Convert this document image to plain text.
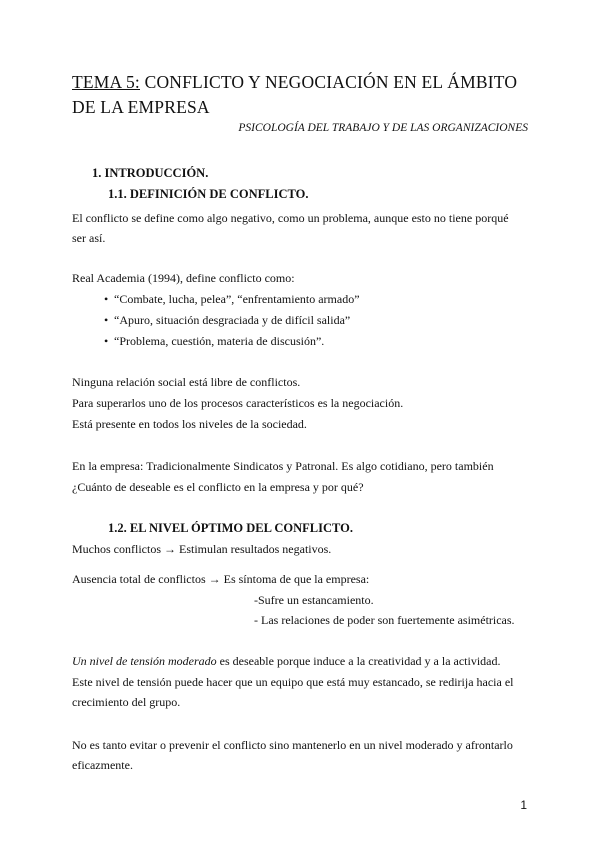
TEMA 5: CONFLICTO Y NEGOCIACIÓN EN EL ÁMBITO DE LA EMPRESA
PSICOLOGÍA DEL TRABAJO Y DE LAS ORGANIZACIONES
1. INTRODUCCIÓN.
1.1. DEFINICIÓN DE CONFLICTO.
El conflicto se define como algo negativo, como un problema, aunque esto no tiene porqué
ser así.
Real Academia (1994), define conflicto como:
• “Combate, lucha, pelea”, “enfrentamiento armado”
• “Apuro, situación desgraciada y de difícil salida”
• “Problema, cuestión, materia de discusión”.
Ninguna relación social está libre de conflictos.
Para superarlos uno de los procesos característicos es la negociación.
Está presente en todos los niveles de la sociedad.
En la empresa: Tradicionalmente Sindicatos y Patronal. Es algo cotidiano, pero también
¿Cuánto de deseable es el conflicto en la empresa y por qué?
1.2. EL NIVEL ÓPTIMO DEL CONFLICTO.
Muchos conflictos → Estimulan resultados negativos.
Ausencia total de conflictos → Es síntoma de que la empresa:
-Sufre un estancamiento.
- Las relaciones de poder son fuertemente asimétricas.
Un nivel de tensión moderado es deseable porque induce a la creatividad y a la actividad.
Este nivel de tensión puede hacer que un equipo que está muy estancado, se redirija hacia el
crecimiento del grupo.
No es tanto evitar o prevenir el conflicto sino mantenerlo en un nivel moderado y afrontarlo
eficazmente.
1
